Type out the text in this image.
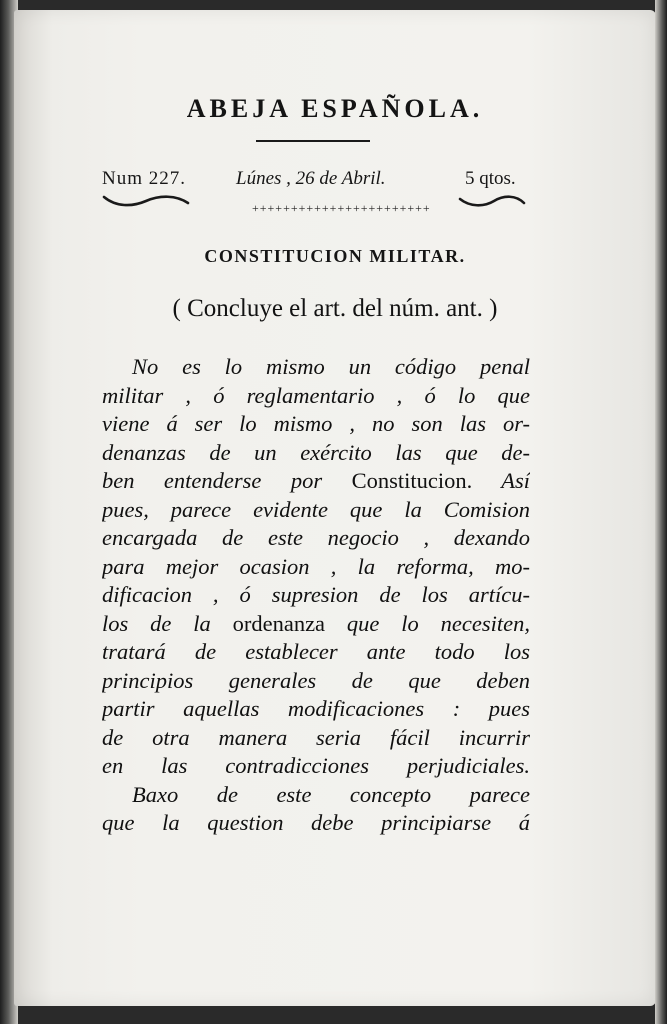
ABEJA ESPAÑOLA.
Num 227.	Lúnes , 26 de Abril.	5 qtos.
+++++++++++++++++++++++
CONSTITUCION MILITAR.
( Concluye el art. del núm. ant. )
No es lo mismo un código penal
militar , ó reglamentario , ó lo que
viene á ser lo mismo , no son las or-
denanzas de un exército las que de-
ben entenderse por Constitucion. Así
pues, parece evidente que la Comision
encargada de este negocio , dexando
para mejor ocasion , la reforma, mo-
dificacion , ó supresion de los artícu-
los de la ordenanza que lo necesiten,
tratará de establecer ante todo los
principios generales de que deben
partir aquellas modificaciones : pues
de otra manera seria fácil incurrir
en las contradicciones perjudiciales.
Baxo de este concepto parece
que la question debe principiarse á
